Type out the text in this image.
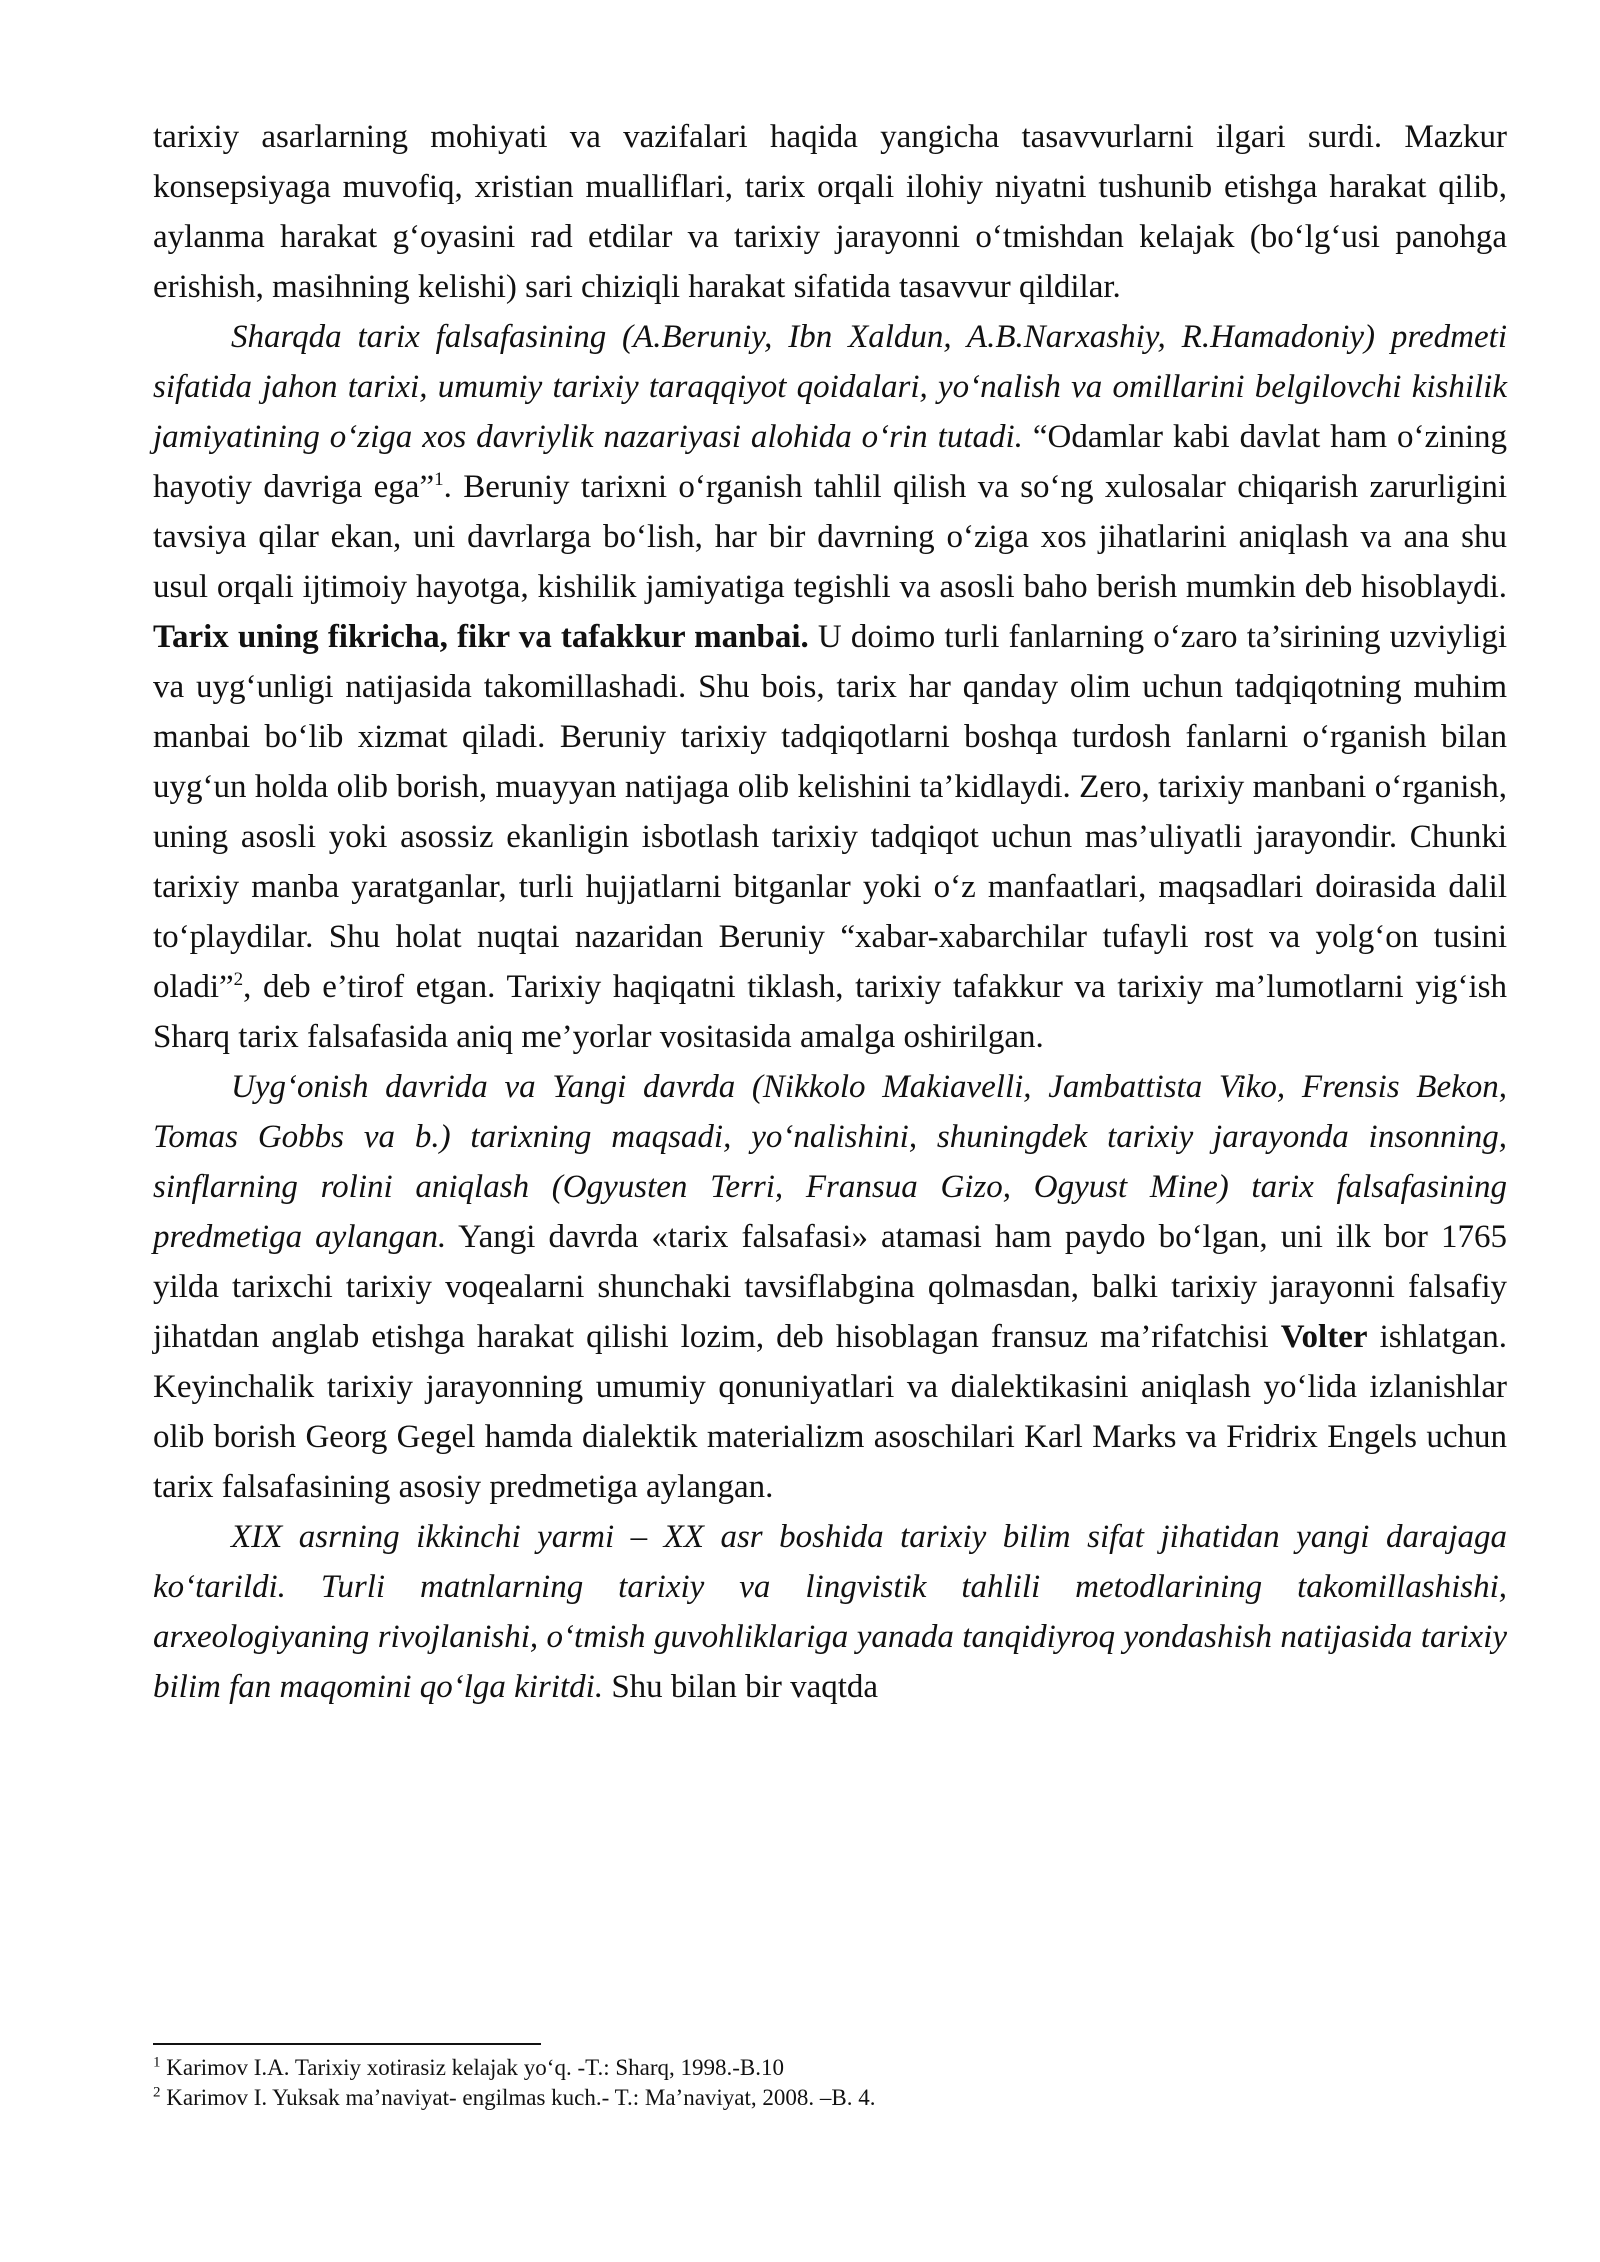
tarixiy asarlarning mohiyati va vazifalari haqida yangicha tasavvurlarni ilgari surdi. Mazkur konsepsiyaga muvofiq, xristian mualliflari, tarix orqali ilohiy niyatni tushunib etishga harakat qilib, aylanma harakat g‘oyasini rad etdilar va tarixiy jarayonni o‘tmishdan kelajak (bo‘lg‘usi panohga erishish, masihning kelishi) sari chiziqli harakat sifatida tasavvur qildilar.

Sharqda tarix falsafasining (A.Beruniy, Ibn Xaldun, A.B.Narxashiy, R.Hamadoniy) predmeti sifatida jahon tarixi, umumiy tarixiy taraqqiyot qoidalari, yo‘nalish va omillarini belgilovchi kishilik jamiyatining o‘ziga xos davriylik nazariyasi alohida o‘rin tutadi. “Odamlar kabi davlat ham o‘zining hayotiy davriga ega”$^1$. Beruniy tarixni o‘rganish tahlil qilish va so‘ng xulosalar chiqarish zarurligini tavsiya qilar ekan, uni davrlarga bo‘lish, har bir davrning o‘ziga xos jihatlarini aniqlash va ana shu usul orqali ijtimoiy hayotga, kishilik jamiyatiga tegishli va asosli baho berish mumkin deb hisoblaydi. Tarix uning fikricha, fikr va tafakkur manbai. U doimo turli fanlarning o‘zaro ta’sirining uzviyligi va uyg‘unligi natijasida takomillashadi. Shu bois, tarix har qanday olim uchun tadqiqotning muhim manbai bo‘lib xizmat qiladi. Beruniy tarixiy tadqiqotlarni boshqa turdosh fanlarni o‘rganish bilan uyg‘un holda olib borish, muayyan natijaga olib kelishini ta’kidlaydi. Zero, tarixiy manbani o‘rganish, uning asosli yoki asossiz ekanligin isbotlash tarixiy tadqiqot uchun mas’uliyatli jarayondir. Chunki tarixiy manba yaratganlar, turli hujjatlarni bitganlar yoki o‘z manfaatlari, maqsadlari doirasida dalil to‘playdilar. Shu holat nuqtai nazaridan Beruniy “xabar-xabarchilar tufayli rost va yolg‘on tusini oladi”$^2$, deb e’tirof etgan. Tarixiy haqiqatni tiklash, tarixiy tafakkur va tarixiy ma’lumotlarni yig‘ish Sharq tarix falsafasida aniq me’yorlar vositasida amalga oshirilgan.

Uyg‘onish davrida va Yangi davrda (Nikkolo Makiavelli, Jambattista Viko, Frensis Bekon, Tomas Gobbs va b.) tarixning maqsadi, yo‘nalishini, shuningdek tarixiy jarayonda insonning, sinflarning rolini aniqlash (Ogyusten Terri, Fransua Gizo, Ogyust Mine) tarix falsafasining predmetiga aylangan. Yangi davrda «tarix falsafasi» atamasi ham paydo bo‘lgan, uni ilk bor 1765 yilda tarixchi tarixiy voqealarni shunchaki tavsiflabgina qolmasdan, balki tarixiy jarayonni falsafiy jihatdan anglab etishga harakat qilishi lozim, deb hisoblagan fransuz ma’rifatchisi Volter ishlatgan. Keyinchalik tarixiy jarayonning umumiy qonuniyatlari va dialektikasini aniqlash yo‘lida izlanishlar olib borish Georg Gegel hamda dialektik materializm asoschilari Karl Marks va Fridrix Engels uchun tarix falsafasining asosiy predmetiga aylangan.

XIX asrning ikkinchi yarmi – XX asr boshida tarixiy bilim sifat jihatidan yangi darajaga ko‘tarildi. Turli matnlarning tarixiy va lingvistik tahlili metodlarining takomillashishi, arxeologiyaning rivojlanishi, o‘tmish guvohliklariga yanada tanqidiyroq yondashish natijasida tarixiy bilim fan maqomini qo‘lga kiritdi. Shu bilan bir vaqtda

$^1$ Karimov I.A. Tarixiy xotirasiz kelajak yo‘q. -T.: Sharq, 1998.-B.10

$^2$ Karimov I. Yuksak ma’naviyat- engilmas kuch.- T.: Ma’naviyat, 2008. –B. 4.
